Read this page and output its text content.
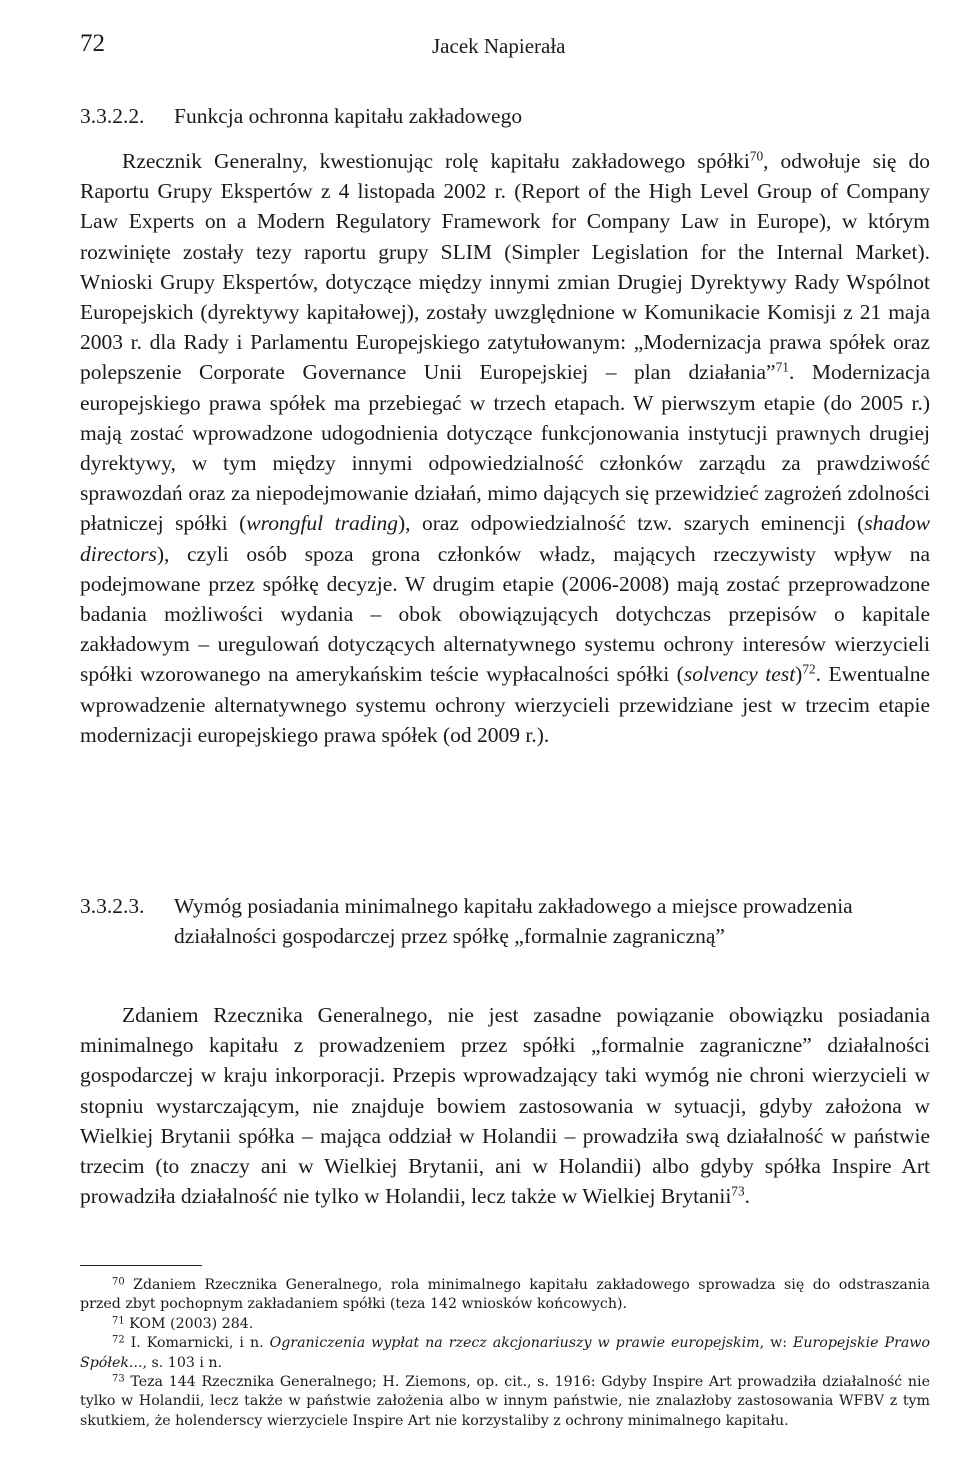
72	Jacek Napierała
3.3.2.2. Funkcja ochronna kapitału zakładowego

Rzecznik Generalny, kwestionując rolę kapitału zakładowego spółki$^{70}$, odwołuje się do Raportu Grupy Ekspertów z 4 listopada 2002 r. (Report of the High Level Group of Company Law Experts on a Modern Regulatory Framework for Company Law in Europe), w którym rozwinięte zostały tezy raportu grupy SLIM (Simpler Legislation for the Internal Market). Wnioski Grupy Ekspertów, dotyczące między innymi zmian Drugiej Dyrektywy Rady Wspólnot Europejskich (dyrektywy kapitałowej), zostały uwzględnione w Komunikacie Komisji z 21 maja 2003 r. dla Rady i Parlamentu Europejskiego zatytułowanym: „Modernizacja prawa spółek oraz polepszenie Corporate Governance Unii Europejskiej – plan działania”$^{71}$. Modernizacja europejskiego prawa spółek ma przebiegać w trzech etapach. W pierwszym etapie (do 2005 r.) mają zostać wprowadzone udogodnienia dotyczące funkcjonowania instytucji prawnych drugiej dyrektywy, w tym między innymi odpowiedzialność członków zarządu za prawdziwość sprawozdań oraz za niepodejmowanie działań, mimo dających się przewidzieć zagrożeń zdolności płatniczej spółki (wrongful trading), oraz odpowiedzialność tzw. szarych eminencji (shadow directors), czyli osób spoza grona członków władz, mających rzeczywisty wpływ na podejmowane przez spółkę decyzje. W drugim etapie (2006-2008) mają zostać przeprowadzone badania możliwości wydania – obok obowiązujących dotychczas przepisów o kapitale zakładowym – uregulowań dotyczących alternatywnego systemu ochrony interesów wierzycieli spółki wzorowanego na amerykańskim teście wypłacalności spółki (solvency test)$^{72}$. Ewentualne wprowadzenie alternatywnego systemu ochrony wierzycieli przewidziane jest w trzecim etapie modernizacji europejskiego prawa spółek (od 2009 r.).

3.3.2.3. Wymóg posiadania minimalnego kapitału zakładowego a miejsce prowadzenia działalności gospodarczej przez spółkę „formalnie zagraniczną”

Zdaniem Rzecznika Generalnego, nie jest zasadne powiązanie obowiązku posiadania minimalnego kapitału z prowadzeniem przez spółki „formalnie zagraniczne” działalności gospodarczej w kraju inkorporacji. Przepis wprowadzający taki wymóg nie chroni wierzycieli w stopniu wystarczającym, nie znajduje bowiem zastosowania w sytuacji, gdyby założona w Wielkiej Brytanii spółka – mająca oddział w Holandii – prowadziła swą działalność w państwie trzecim (to znaczy ani w Wielkiej Brytanii, ani w Holandii) albo gdyby spółka Inspire Art prowadziła działalność nie tylko w Holandii, lecz także w Wielkiej Brytanii$^{73}$.

$^{70}$ Zdaniem Rzecznika Generalnego, rola minimalnego kapitału zakładowego sprowadza się do odstraszania przed zbyt pochopnym zakładaniem spółki (teza 142 wniosków końcowych).

$^{71}$ KOM (2003) 284.

$^{72}$ I. Komarnicki, i n. Ograniczenia wypłat na rzecz akcjonariuszy w prawie europejskim, w: Europejskie Prawo Spółek..., s. 103 i n.

$^{73}$ Teza 144 Rzecznika Generalnego; H. Ziemons, op. cit., s. 1916: Gdyby Inspire Art prowadziła działalność nie tylko w Holandii, lecz także w państwie założenia albo w innym państwie, nie znalazłoby zastosowania WFBV z tym skutkiem, że holenderscy wierzyciele Inspire Art nie korzystaliby z ochrony minimalnego kapitału.
